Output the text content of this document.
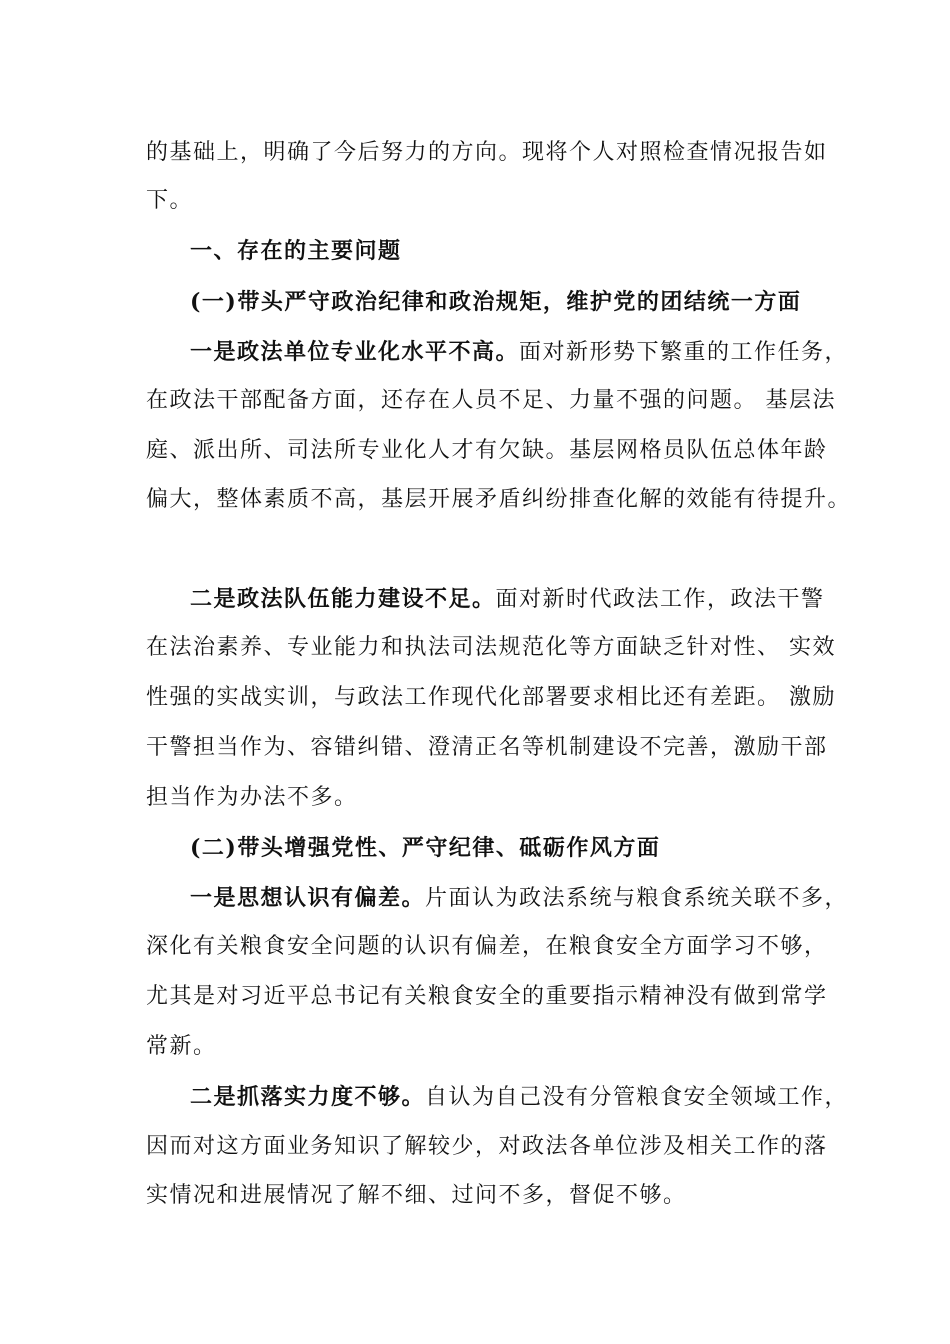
的基础上，明确了今后努力的方向。现将个人对照检查情况报告如
下。
一、存在的主要问题
(一)带头严守政治纪律和政治规矩，维护党的团结统一方面
一是政法单位专业化水平不高。面对新形势下繁重的工作任务，
在政法干部配备方面，还存在人员不足、力量不强的问题。 基层法
庭、派出所、司法所专业化人才有欠缺。基层网格员队伍总体年龄
偏大，整体素质不高，基层开展矛盾纠纷排查化解的效能有待提升。
二是政法队伍能力建设不足。面对新时代政法工作，政法干警
在法治素养、专业能力和执法司法规范化等方面缺乏针对性、 实效
性强的实战实训，与政法工作现代化部署要求相比还有差距。 激励
干警担当作为、容错纠错、澄清正名等机制建设不完善，激励干部
担当作为办法不多。
(二)带头增强党性、严守纪律、砥砺作风方面
一是思想认识有偏差。片面认为政法系统与粮食系统关联不多，
深化有关粮食安全问题的认识有偏差，在粮食安全方面学习不够，
尤其是对习近平总书记有关粮食安全的重要指示精神没有做到常学
常新。
二是抓落实力度不够。自认为自己没有分管粮食安全领域工作，
因而对这方面业务知识了解较少，对政法各单位涉及相关工作的落
实情况和进展情况了解不细、过问不多，督促不够。
